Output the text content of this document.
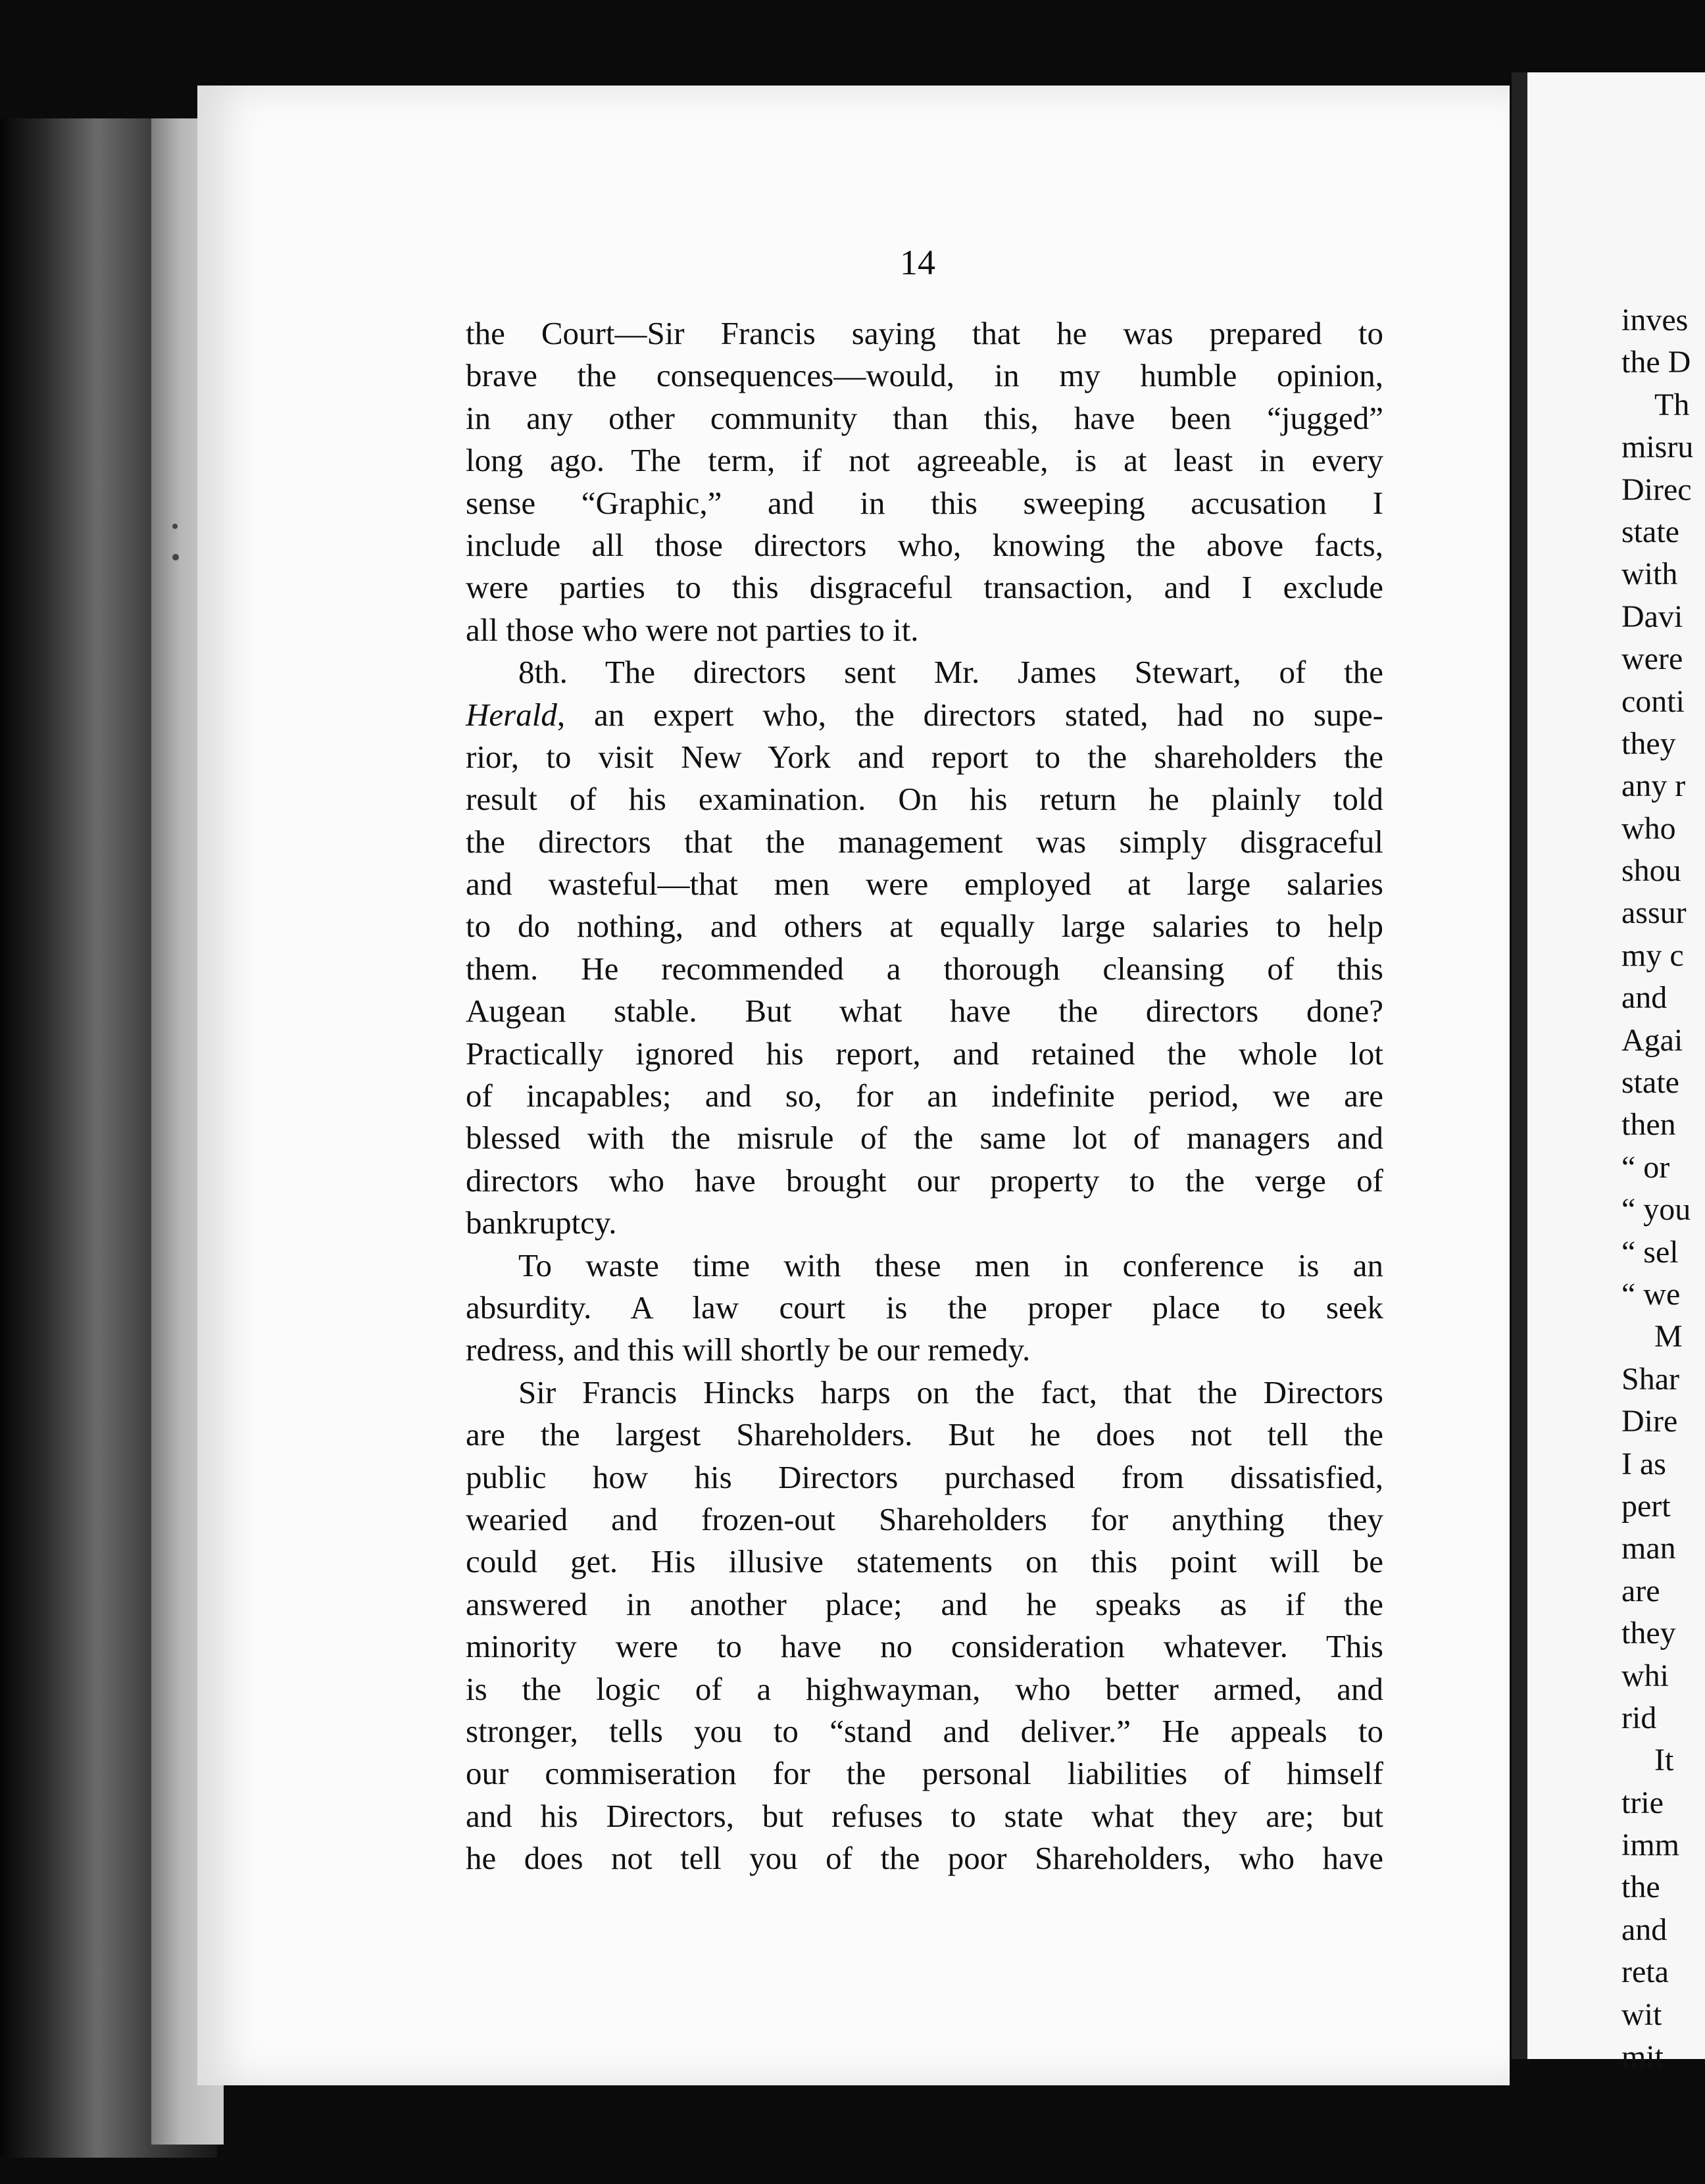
14
the Court—Sir Francis saying that he was prepared to
brave the consequences—would, in my humble opinion,
in any other community than this, have been “jugged”
long ago. The term, if not agreeable, is at least in every
sense “Graphic,” and in this sweeping accusation I
include all those directors who, knowing the above facts,
were parties to this disgraceful transaction, and I exclude
all those who were not parties to it.
8th. The directors sent Mr. James Stewart, of the
Herald, an expert who, the directors stated, had no supe-
rior, to visit New York and report to the shareholders the
result of his examination. On his return he plainly told
the directors that the management was simply disgraceful
and wasteful—that men were employed at large salaries
to do nothing, and others at equally large salaries to help
them. He recommended a thorough cleansing of this
Augean stable. But what have the directors done?
Practically ignored his report, and retained the whole lot
of incapables; and so, for an indefinite period, we are
blessed with the misrule of the same lot of managers and
directors who have brought our property to the verge of
bankruptcy.
To waste time with these men in conference is an
absurdity. A law court is the proper place to seek
redress, and this will shortly be our remedy.
Sir Francis Hincks harps on the fact, that the Directors
are the largest Shareholders. But he does not tell the
public how his Directors purchased from dissatisfied,
wearied and frozen-out Shareholders for anything they
could get. His illusive statements on this point will be
answered in another place; and he speaks as if the
minority were to have no consideration whatever. This
is the logic of a highwayman, who better armed, and
stronger, tells you to “stand and deliver.” He appeals to
our commiseration for the personal liabilities of himself
and his Directors, but refuses to state what they are; but
he does not tell you of the poor Shareholders, who have
inves
the D
Th
misru
Direc
state
with
Davi
were
conti
they
any r
who
shou
assur
my c
and
Agai
state
then
“ or
“ you
“ sel
“ we
M
Shar
Dire
I as
pert
man
are
they
whi
rid
It
trie
imm
the
and
reta
wit
mit
